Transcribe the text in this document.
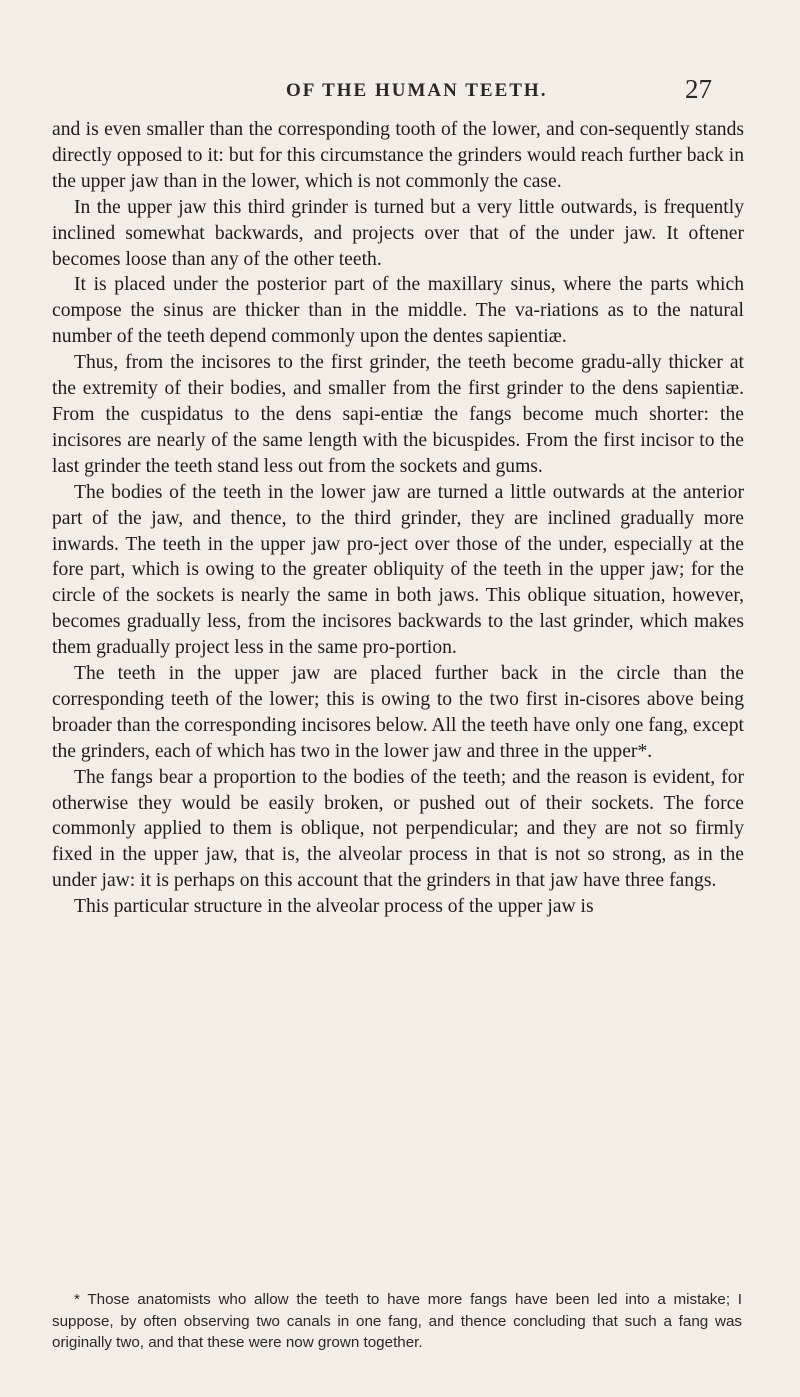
OF THE HUMAN TEETH.	27

and is even smaller than the corresponding tooth of the lower, and con-sequently stands directly opposed to it: but for this circumstance the grinders would reach further back in the upper jaw than in the lower, which is not commonly the case.

In the upper jaw this third grinder is turned but a very little outwards, is frequently inclined somewhat backwards, and projects over that of the under jaw. It oftener becomes loose than any of the other teeth.

It is placed under the posterior part of the maxillary sinus, where the parts which compose the sinus are thicker than in the middle. The va-riations as to the natural number of the teeth depend commonly upon the dentes sapientiæ.

Thus, from the incisores to the first grinder, the teeth become gradu-ally thicker at the extremity of their bodies, and smaller from the first grinder to the dens sapientiæ. From the cuspidatus to the dens sapi-entiæ the fangs become much shorter: the incisores are nearly of the same length with the bicuspides. From the first incisor to the last grinder the teeth stand less out from the sockets and gums.

The bodies of the teeth in the lower jaw are turned a little outwards at the anterior part of the jaw, and thence, to the third grinder, they are inclined gradually more inwards. The teeth in the upper jaw pro-ject over those of the under, especially at the fore part, which is owing to the greater obliquity of the teeth in the upper jaw; for the circle of the sockets is nearly the same in both jaws. This oblique situation, however, becomes gradually less, from the incisores backwards to the last grinder, which makes them gradually project less in the same pro-portion.

The teeth in the upper jaw are placed further back in the circle than the corresponding teeth of the lower; this is owing to the two first in-cisores above being broader than the corresponding incisores below. All the teeth have only one fang, except the grinders, each of which has two in the lower jaw and three in the upper*.

The fangs bear a proportion to the bodies of the teeth; and the reason is evident, for otherwise they would be easily broken, or pushed out of their sockets. The force commonly applied to them is oblique, not perpendicular; and they are not so firmly fixed in the upper jaw, that is, the alveolar process in that is not so strong, as in the under jaw: it is perhaps on this account that the grinders in that jaw have three fangs.

This particular structure in the alveolar process of the upper jaw is

* Those anatomists who allow the teeth to have more fangs have been led into a mistake; I suppose, by often observing two canals in one fang, and thence concluding that such a fang was originally two, and that these were now grown together.
